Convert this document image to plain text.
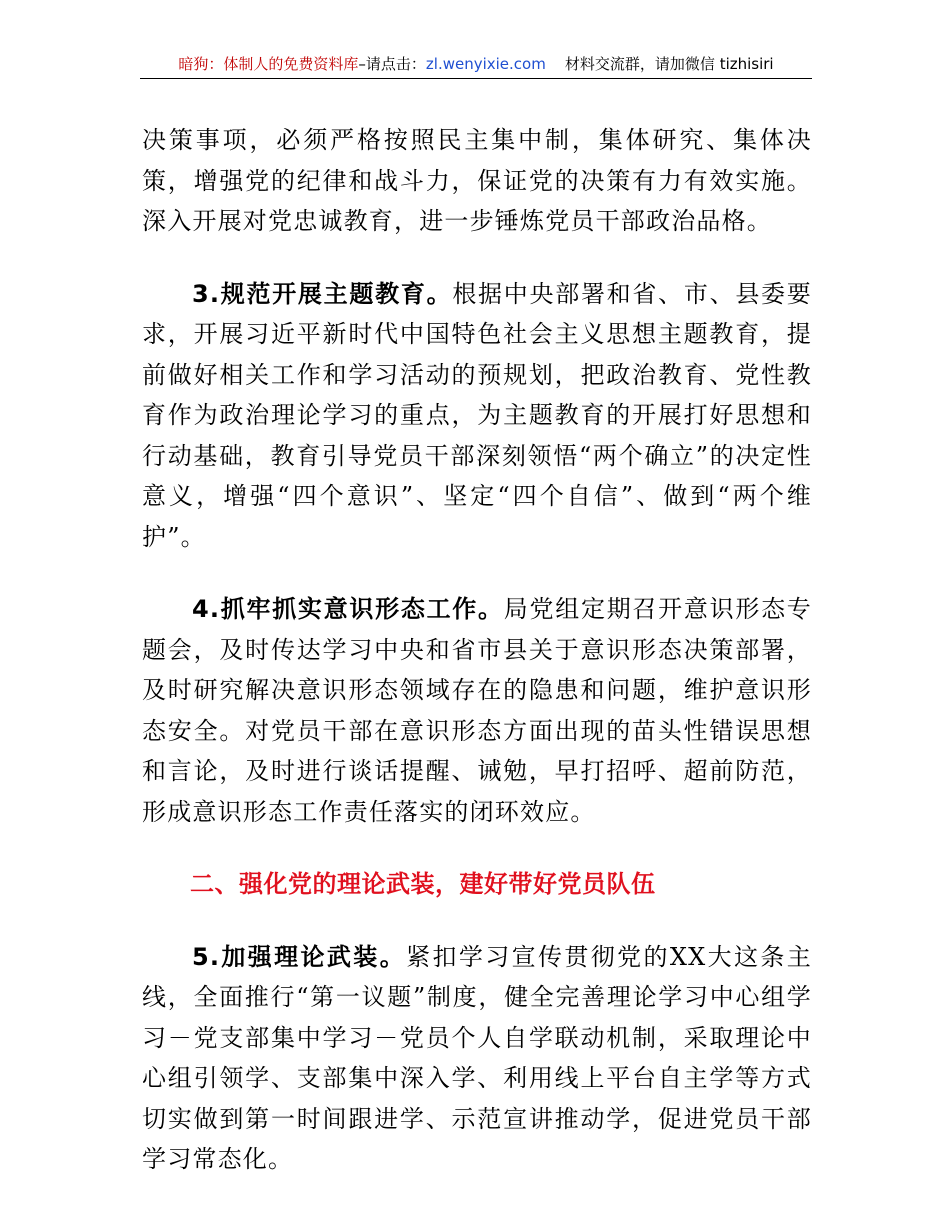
暗狗：体制人的免费资料库–请点击：zl.wenyixie.com 材料交流群，请加微信 tizhisiri

决策事项，必须严格按照民主集中制，集体研究、集体决策，增强党的纪律和战斗力，保证党的决策有力有效实施。深入开展对党忠诚教育，进一步锤炼党员干部政治品格。

3.规范开展主题教育。根据中央部署和省、市、县委要求，开展习近平新时代中国特色社会主义思想主题教育，提前做好相关工作和学习活动的预规划，把政治教育、党性教育作为政治理论学习的重点，为主题教育的开展打好思想和行动基础，教育引导党员干部深刻领悟“两个确立”的决定性意义，增强“四个意识”、坚定“四个自信”、做到“两个维护”。

4.抓牢抓实意识形态工作。局党组定期召开意识形态专题会，及时传达学习中央和省市县关于意识形态决策部署，及时研究解决意识形态领域存在的隐患和问题，维护意识形态安全。对党员干部在意识形态方面出现的苗头性错误思想和言论，及时进行谈话提醒、诫勉，早打招呼、超前防范，形成意识形态工作责任落实的闭环效应。

二、强化党的理论武装，建好带好党员队伍

5.加强理论武装。紧扣学习宣传贯彻党的XX大这条主线，全面推行“第一议题”制度，健全完善理论学习中心组学习－党支部集中学习－党员个人自学联动机制，采取理论中心组引领学、支部集中深入学、利用线上平台自主学等方式切实做到第一时间跟进学、示范宣讲推动学，促进党员干部学习常态化。
